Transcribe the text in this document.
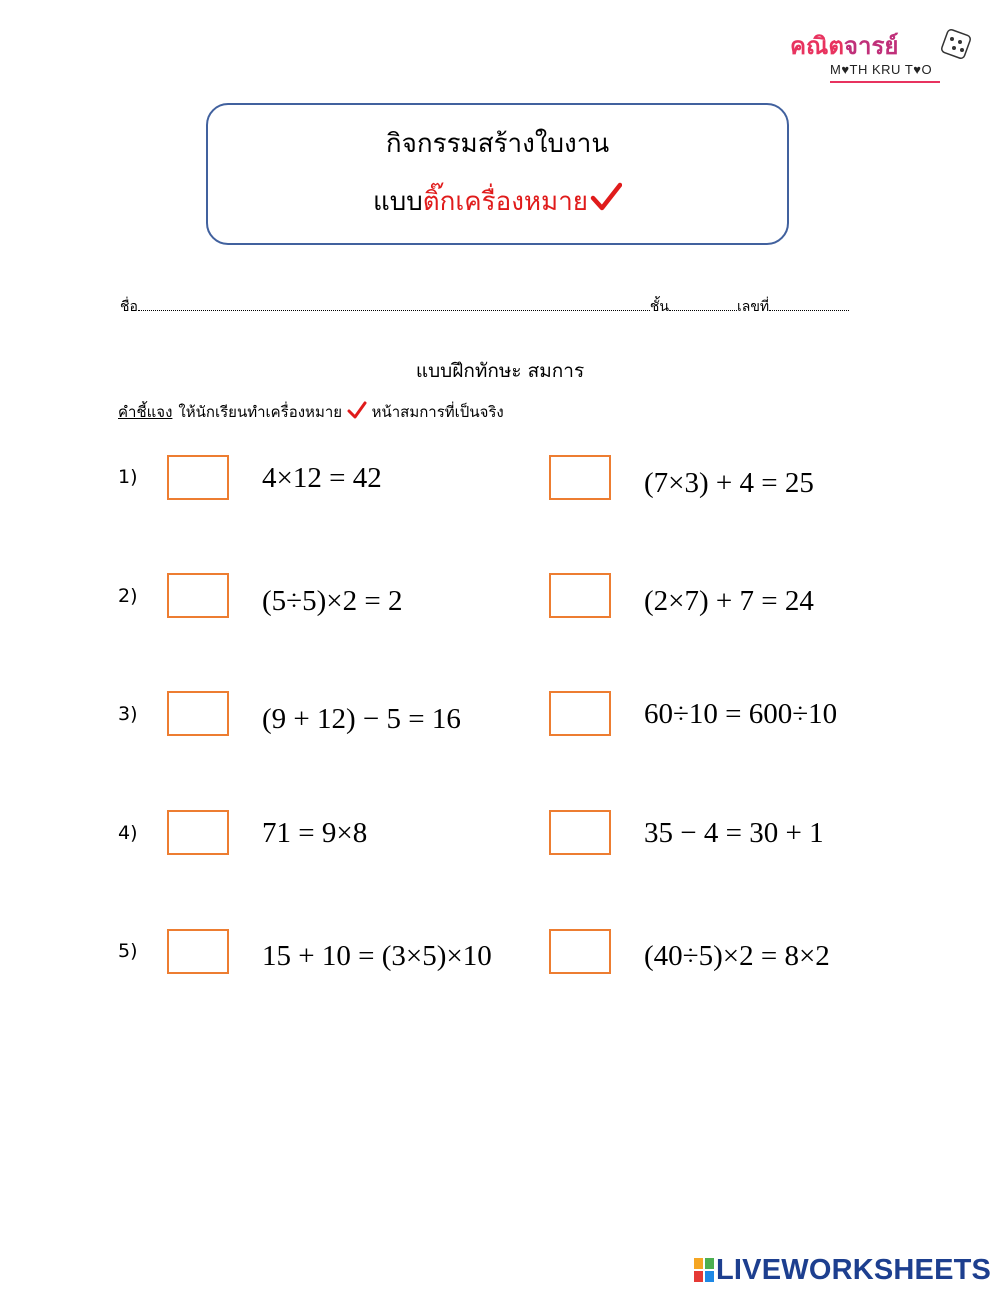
คณิตจารย์
M♥TH KRU T♥O
กิจกรรมสร้างใบงาน
แบบติ๊กเครื่องหมาย
ชื่อ	ชั้น	เลขที่
แบบฝึกทักษะ สมการ
คำชี้แจง ให้นักเรียนทำเครื่องหมาย หน้าสมการที่เป็นจริง
1)	4×12 = 42	(7×3) + 4 = 25
2)	(5÷5)×2 = 2	(2×7) + 7 = 24
3)	(9 + 12) − 5 = 16	60÷10 = 600÷10
4)	71 = 9×8	35 − 4 = 30 + 1
5)	15 + 10 = (3×5)×10	(40÷5)×2 = 8×2
LIVEWORKSHEETS
